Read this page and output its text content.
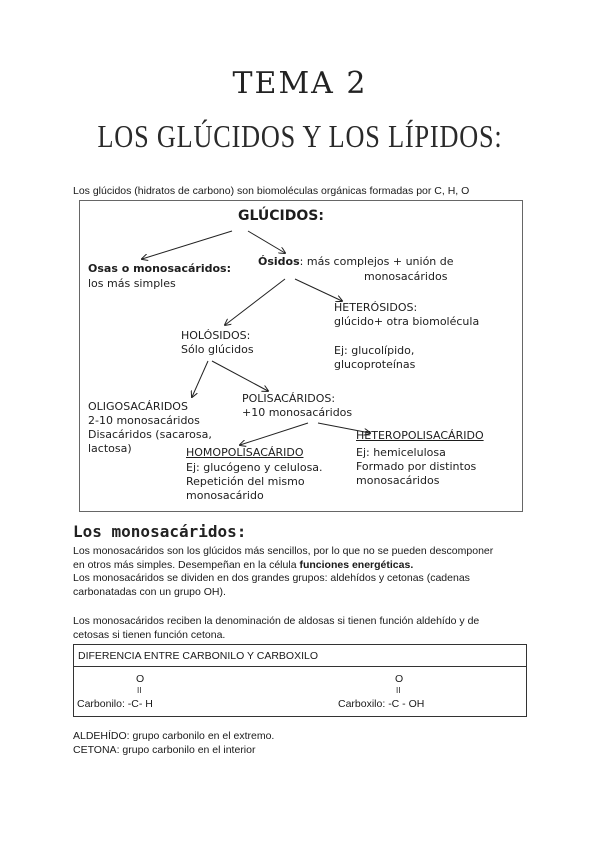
TEMA 2
LOS GLÚCIDOS Y LOS LÍPIDOS:
Los glúcidos (hidratos de carbono) son biomoléculas orgánicas formadas por C, H, O
GLÚCIDOS:
Osas o monosacáridos:
los más simples
Ósidos: más complejos + unión de
monosacáridos
HETERÓSIDOS:
glúcido+ otra biomolécula
Ej: glucolípido,
glucoproteínas
HOLÓSIDOS:
Sólo glúcidos
OLIGOSACÁRIDOS
2-10 monosacáridos
Disacáridos (sacarosa,
lactosa)
POLISACÁRIDOS:
+10 monosacáridos
HOMOPOLISACÁRIDO
Ej: glucógeno y celulosa.
Repetición del mismo
monosacárido
HETEROPOLISACÁRIDO
Ej: hemicelulosa
Formado por distintos
monosacáridos
Los monosacáridos:
Los monosacáridos son los glúcidos más sencillos, por lo que no se pueden descomponer
en otros más simples. Desempeñan en la célula funciones energéticas.
Los monosacáridos se dividen en dos grandes grupos: aldehídos y cetonas (cadenas
carbonatadas con un grupo OH).
Los monosacáridos reciben la denominación de aldosas si tienen función aldehído y de
cetosas si tienen función cetona.
DIFERENCIA ENTRE CARBONILO Y CARBOXILO
O
II
Carbonilo: -C- H
O
II
Carboxilo: -C - OH
ALDEHÍDO: grupo carbonilo en el extremo.
CETONA: grupo carbonilo en el interior
